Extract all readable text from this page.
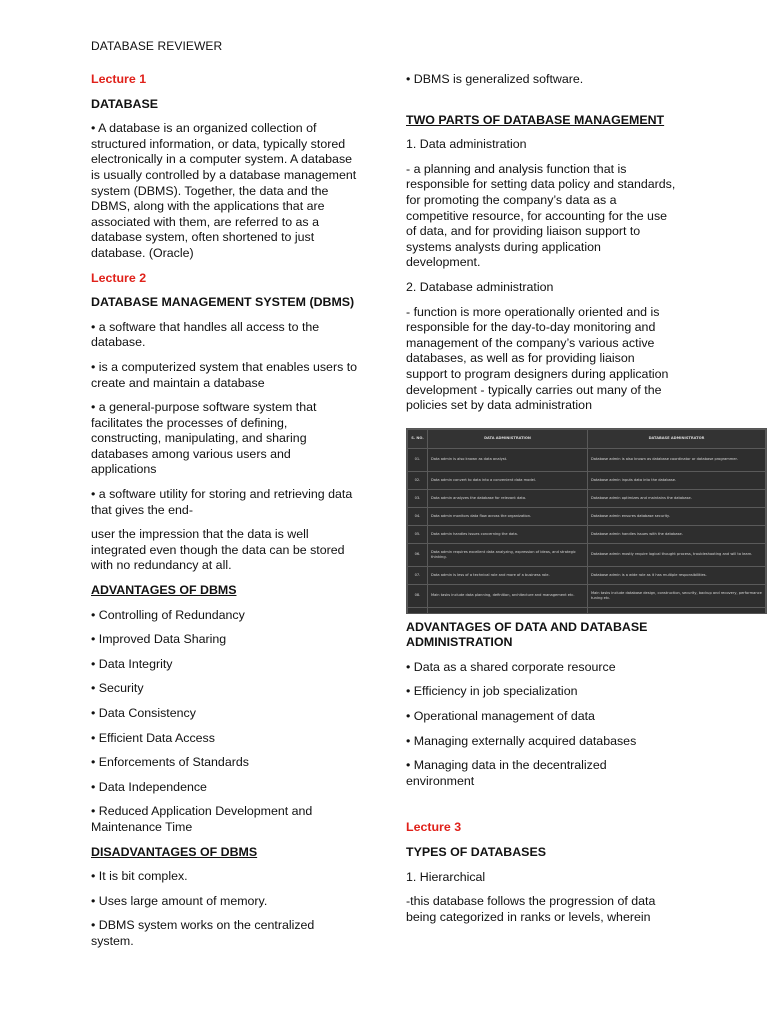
DATABASE REVIEWER
Lecture 1
DATABASE
• A database is an organized collection of structured information, or data, typically stored electronically in a computer system. A database is usually controlled by a database management system (DBMS). Together, the data and the DBMS, along with the applications that are associated with them, are referred to as a database system, often shortened to just database. (Oracle)
Lecture 2
DATABASE MANAGEMENT SYSTEM (DBMS)
• a software that handles all access to the database.
• is a computerized system that enables users to create and maintain a database
• a general-purpose software system that facilitates the processes of defining, constructing, manipulating, and sharing databases among various users and applications
• a software utility for storing and retrieving data that gives the end-
user the impression that the data is well integrated even though the data can be stored with no redundancy at all.
ADVANTAGES OF DBMS
• Controlling of Redundancy
• Improved Data Sharing
• Data Integrity
• Security
• Data Consistency
• Efficient Data Access
• Enforcements of Standards
• Data Independence
• Reduced Application Development and Maintenance Time
DISADVANTAGES OF DBMS
• It is bit complex.
• Uses large amount of memory.
• DBMS system works on the centralized system.
• DBMS is generalized software.
TWO PARTS OF DATABASE MANAGEMENT
1. Data administration
- a planning and analysis function that is responsible for setting data policy and standards, for promoting the company’s data as a competitive resource, for accounting for the use of data, and for providing liaison support to systems analysts during application development.
2. Database administration
- function is more operationally oriented and is responsible for the day-to-day monitoring and management of the company’s various active databases, as well as for providing liaison support to program designers during application development - typically carries out many of the policies set by data administration
S. NO.	DATA ADMINISTRATION	DATABASE ADMINISTRATOR
01.	Data admin is also known as data analyst.	Database admin is also known as database coordinator or database programmer.
02.	Data admin convert to data into a convenient data model.	Database admin inputs data into the database.
03.	Data admin analyzes the database for relevant data.	Database admin optimizes and maintains the database.
04.	Data admin monitors data flow across the organization.	Database admin ensures database security.
05.	Data admin handles issues concerning the data.	Database admin handles issues with the database.
06.	Data admin requires excellent data analyzing, expression of ideas, and strategic thinking.	Database admin mostly require logical thought process, troubleshooting and will to learn.
07.	Data admin is less of a technical role and more of a business role.	Database admin is a wide role as it has multiple responsibilities.
08.	Main tasks include data planning, definition, architecture and management etc.	Main tasks include database design, construction, security, backup and recovery, performance tuning etc.

ADVANTAGES OF DATA AND DATABASE ADMINISTRATION
• Data as a shared corporate resource
• Efficiency in job specialization
• Operational management of data
• Managing externally acquired databases
• Managing data in the decentralized environment
Lecture 3
TYPES OF DATABASES
1. Hierarchical
-this database follows the progression of data being categorized in ranks or levels, wherein
